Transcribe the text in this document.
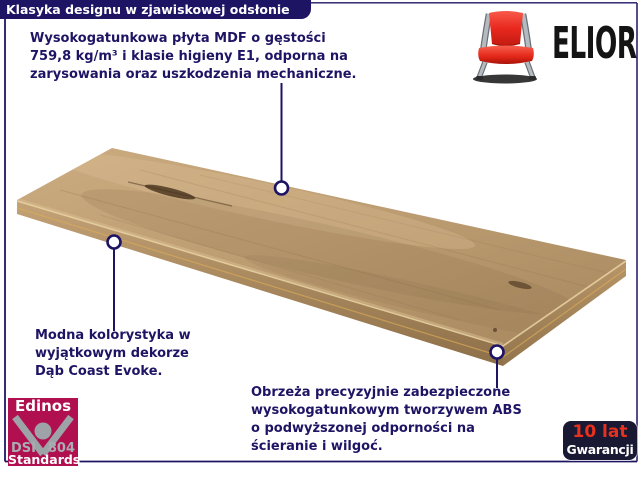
Klasyka designu w zjawiskowej odsłonie
ELIOR
Wysokogatunkowa płyta MDF o gęstości
759,8 kg/m³ i klasie higieny E1, odporna na
zarysowania oraz uszkodzenia mechaniczne.
Modna kolorystyka w
wyjątkowym dekorze
Dąb Coast Evoke.
Obrzeża precyzyjnie zabezpieczone
wysokogatunkowym tworzywem ABS
o podwyższonej odporności na
ścieranie i wilgoć.
Edinos
DSI 804
Standards
10 lat
Gwarancji
